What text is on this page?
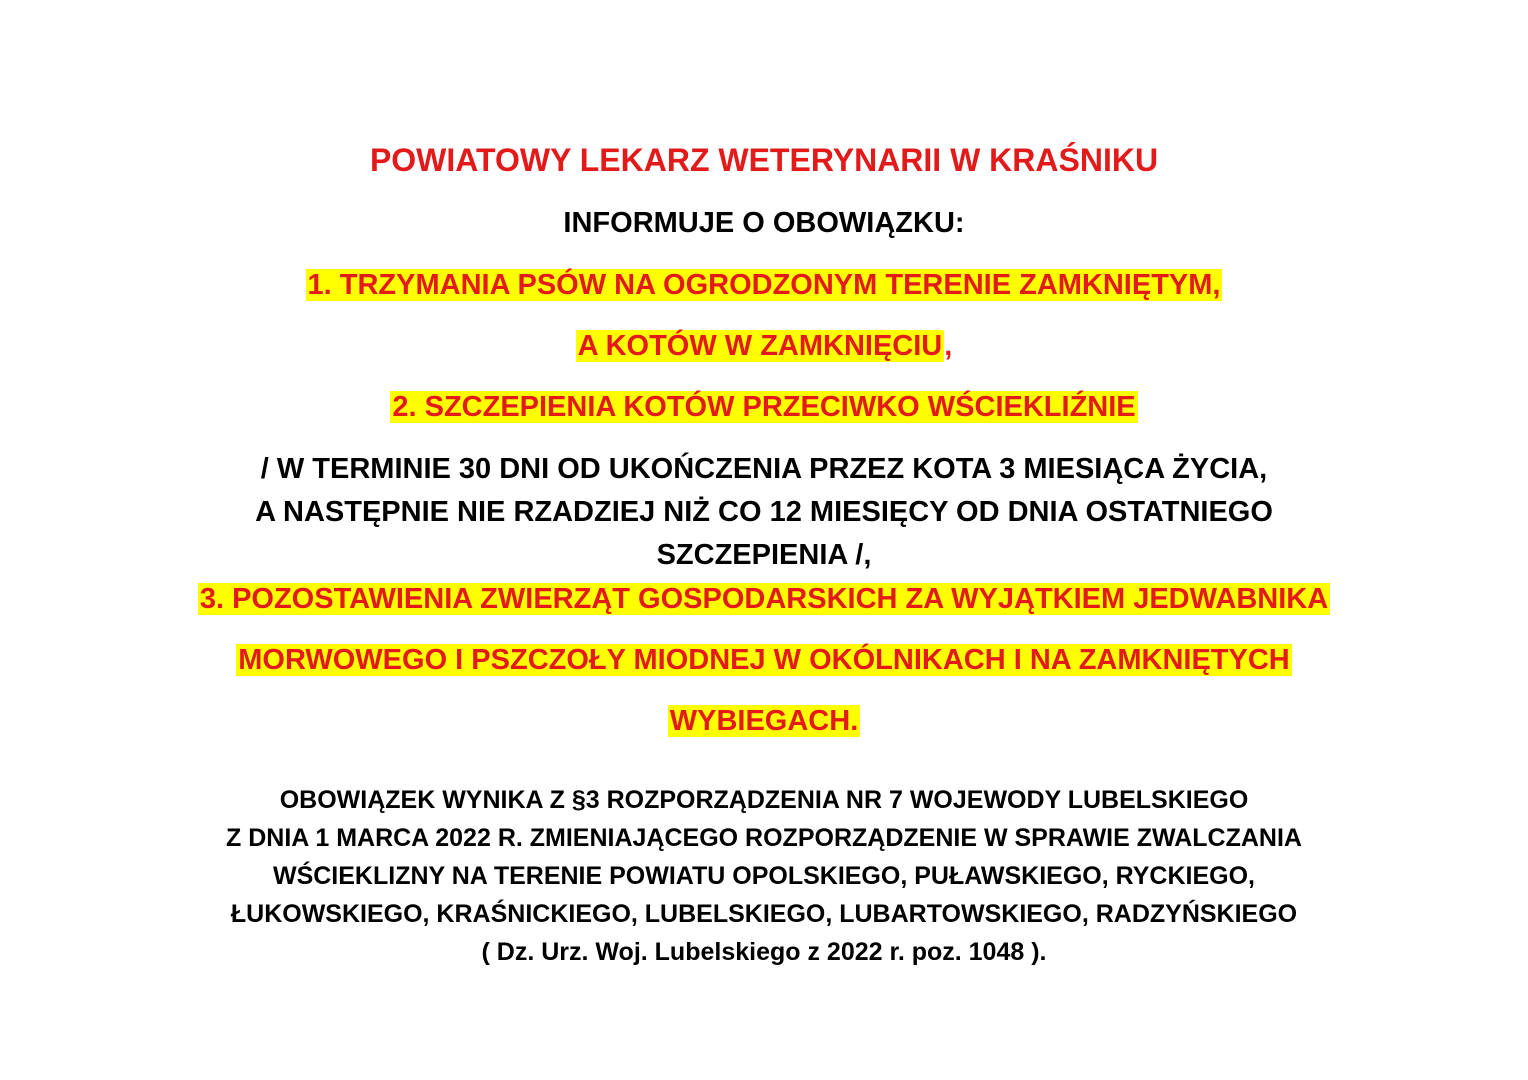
POWIATOWY LEKARZ WETERYNARII W KRAŚNIKU
INFORMUJE O OBOWIĄZKU:
1. TRZYMANIA PSÓW NA OGRODZONYM TERENIE ZAMKNIĘTYM,
A KOTÓW W ZAMKNIĘCIU,
2. SZCZEPIENIA KOTÓW PRZECIWKO WŚCIEKLIŹNIE
/ W TERMINIE 30 DNI OD UKOŃCZENIA PRZEZ KOTA 3 MIESIĄCA ŻYCIA,
A NASTĘPNIE NIE RZADZIEJ NIŻ CO 12 MIESIĘCY OD DNIA OSTATNIEGO
SZCZEPIENIA /,
3. POZOSTAWIENIA ZWIERZĄT GOSPODARSKICH ZA WYJĄTKIEM JEDWABNIKA
MORWOWEGO I PSZCZOŁY MIODNEJ W OKÓLNIKACH I NA ZAMKNIĘTYCH
WYBIEGACH.
OBOWIĄZEK WYNIKA Z §3 ROZPORZĄDZENIA NR 7 WOJEWODY LUBELSKIEGO
Z DNIA 1 MARCA 2022 R. ZMIENIAJĄCEGO ROZPORZĄDZENIE W SPRAWIE ZWALCZANIA
WŚCIEKLIZNY NA TERENIE POWIATU OPOLSKIEGO, PUŁAWSKIEGO, RYCKIEGO,
ŁUKOWSKIEGO, KRAŚNICKIEGO, LUBELSKIEGO, LUBARTOWSKIEGO, RADZYŃSKIEGO
( Dz. Urz. Woj. Lubelskiego z 2022 r. poz. 1048 ).
